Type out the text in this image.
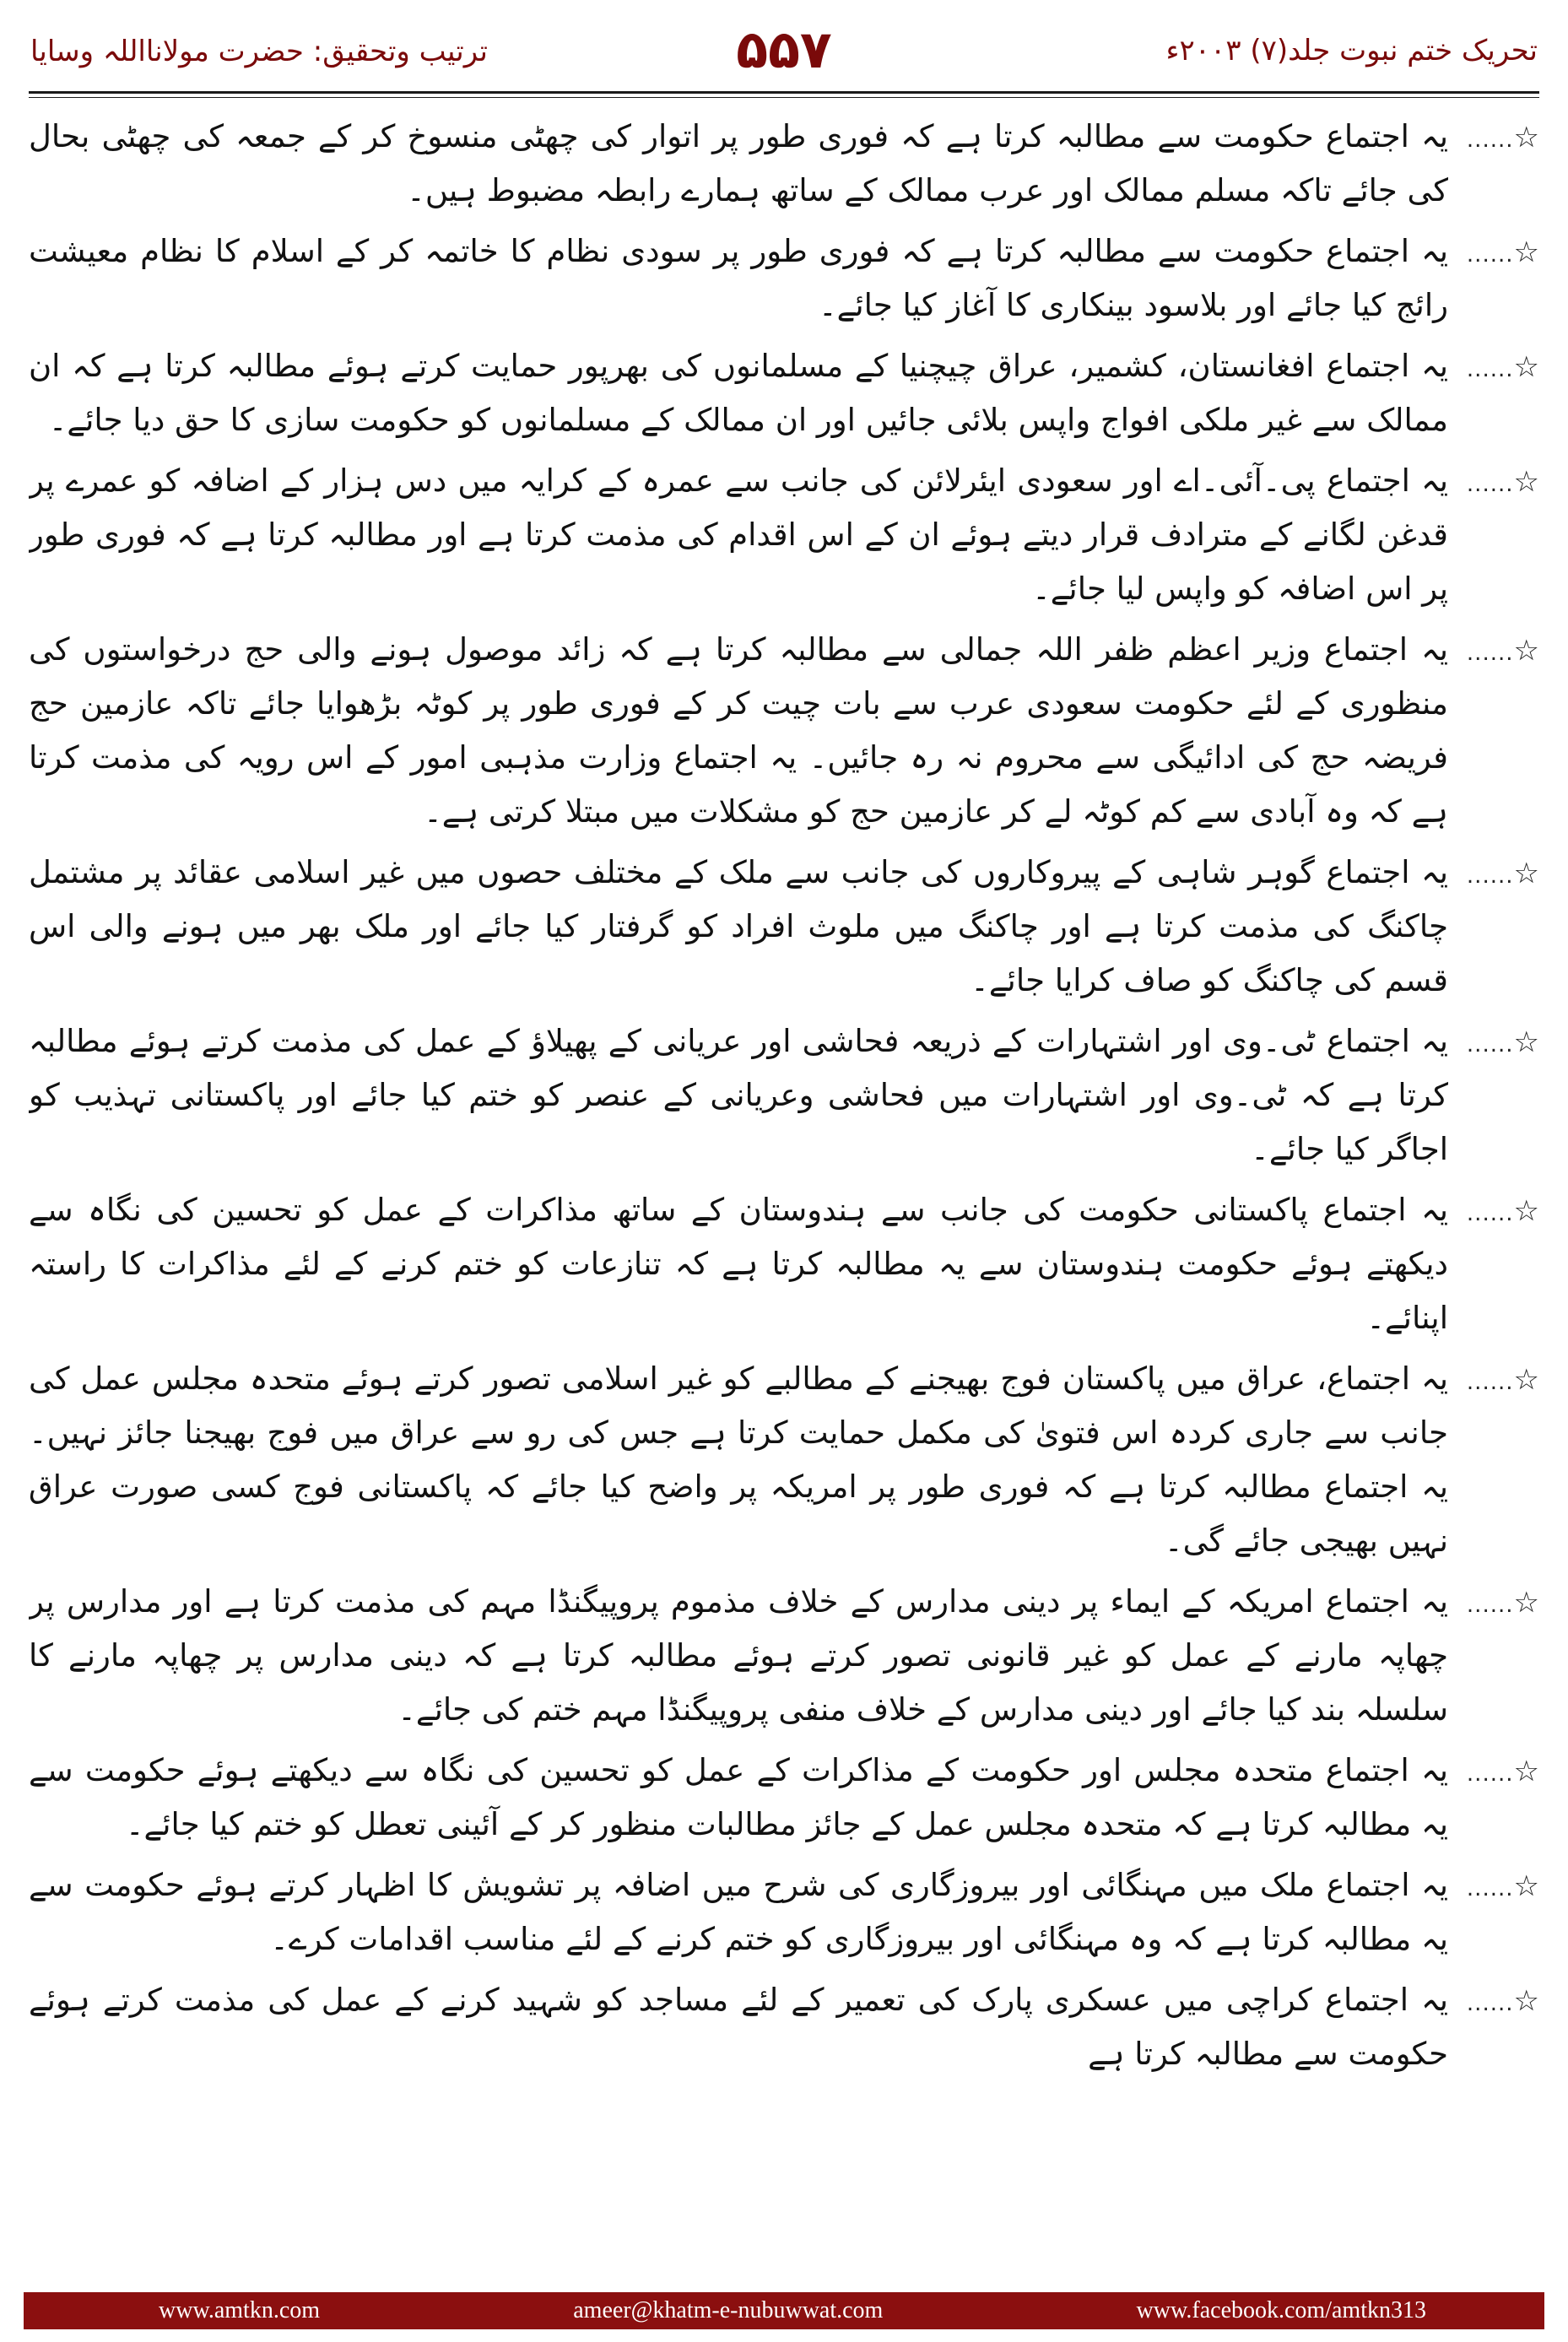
ترتیب وتحقیق: حضرت مولانااللہ وسایا	۵۵۷	تحریک ختم نبوت جلد(۷) ۲۰۰۳ء
......☆
یہ اجتماع حکومت سے مطالبہ کرتا ہے کہ فوری طور پر اتوار کی چھٹی منسوخ کر کے جمعہ کی چھٹی بحال کی جائے تاکہ مسلم ممالک اور عرب ممالک کے ساتھ ہمارے رابطہ مضبوط ہیں۔
......☆
یہ اجتماع حکومت سے مطالبہ کرتا ہے کہ فوری طور پر سودی نظام کا خاتمہ کر کے اسلام کا نظام معیشت رائج کیا جائے اور بلاسود بینکاری کا آغاز کیا جائے۔
......☆
یہ اجتماع افغانستان، کشمیر، عراق چیچنیا کے مسلمانوں کی بھرپور حمایت کرتے ہوئے مطالبہ کرتا ہے کہ ان ممالک سے غیر ملکی افواج واپس بلائی جائیں اور ان ممالک کے مسلمانوں کو حکومت سازی کا حق دیا جائے۔
......☆
یہ اجتماع پی۔آئی۔اے اور سعودی ایئرلائن کی جانب سے عمرہ کے کرایہ میں دس ہزار کے اضافہ کو عمرے پر قدغن لگانے کے مترادف قرار دیتے ہوئے ان کے اس اقدام کی مذمت کرتا ہے اور مطالبہ کرتا ہے کہ فوری طور پر اس اضافہ کو واپس لیا جائے۔
......☆
یہ اجتماع وزیر اعظم ظفر اللہ جمالی سے مطالبہ کرتا ہے کہ زائد موصول ہونے والی حج درخواستوں کی منظوری کے لئے حکومت سعودی عرب سے بات چیت کر کے فوری طور پر کوٹہ بڑھوایا جائے تاکہ عازمین حج فریضہ حج کی ادائیگی سے محروم نہ رہ جائیں۔ یہ اجتماع وزارت مذہبی امور کے اس رویہ کی مذمت کرتا ہے کہ وہ آبادی سے کم کوٹہ لے کر عازمین حج کو مشکلات میں مبتلا کرتی ہے۔
......☆
یہ اجتماع گوہر شاہی کے پیروکاروں کی جانب سے ملک کے مختلف حصوں میں غیر اسلامی عقائد پر مشتمل چاکنگ کی مذمت کرتا ہے اور چاکنگ میں ملوث افراد کو گرفتار کیا جائے اور ملک بھر میں ہونے والی اس قسم کی چاکنگ کو صاف کرایا جائے۔
......☆
یہ اجتماع ٹی۔وی اور اشتہارات کے ذریعہ فحاشی اور عریانی کے پھیلاؤ کے عمل کی مذمت کرتے ہوئے مطالبہ کرتا ہے کہ ٹی۔وی اور اشتہارات میں فحاشی وعریانی کے عنصر کو ختم کیا جائے اور پاکستانی تہذیب کو اجاگر کیا جائے۔
......☆
یہ اجتماع پاکستانی حکومت کی جانب سے ہندوستان کے ساتھ مذاکرات کے عمل کو تحسین کی نگاہ سے دیکھتے ہوئے حکومت ہندوستان سے یہ مطالبہ کرتا ہے کہ تنازعات کو ختم کرنے کے لئے مذاکرات کا راستہ اپنائے۔
......☆
یہ اجتماع، عراق میں پاکستان فوج بھیجنے کے مطالبے کو غیر اسلامی تصور کرتے ہوئے متحدہ مجلس عمل کی جانب سے جاری کردہ اس فتویٰ کی مکمل حمایت کرتا ہے جس کی رو سے عراق میں فوج بھیجنا جائز نہیں۔ یہ اجتماع مطالبہ کرتا ہے کہ فوری طور پر امریکہ پر واضح کیا جائے کہ پاکستانی فوج کسی صورت عراق نہیں بھیجی جائے گی۔
......☆
یہ اجتماع امریکہ کے ایماء پر دینی مدارس کے خلاف مذموم پروپیگنڈا مہم کی مذمت کرتا ہے اور مدارس پر چھاپہ مارنے کے عمل کو غیر قانونی تصور کرتے ہوئے مطالبہ کرتا ہے کہ دینی مدارس پر چھاپہ مارنے کا سلسلہ بند کیا جائے اور دینی مدارس کے خلاف منفی پروپیگنڈا مہم ختم کی جائے۔
......☆
یہ اجتماع متحدہ مجلس اور حکومت کے مذاکرات کے عمل کو تحسین کی نگاہ سے دیکھتے ہوئے حکومت سے یہ مطالبہ کرتا ہے کہ متحدہ مجلس عمل کے جائز مطالبات منظور کر کے آئینی تعطل کو ختم کیا جائے۔
......☆
یہ اجتماع ملک میں مہنگائی اور بیروزگاری کی شرح میں اضافہ پر تشویش کا اظہار کرتے ہوئے حکومت سے یہ مطالبہ کرتا ہے کہ وہ مہنگائی اور بیروزگاری کو ختم کرنے کے لئے مناسب اقدامات کرے۔
......☆
یہ اجتماع کراچی میں عسکری پارک کی تعمیر کے لئے مساجد کو شہید کرنے کے عمل کی مذمت کرتے ہوئے حکومت سے مطالبہ کرتا ہے
www.amtkn.com	ameer@khatm-e-nubuwwat.com	www.facebook.com/amtkn313
